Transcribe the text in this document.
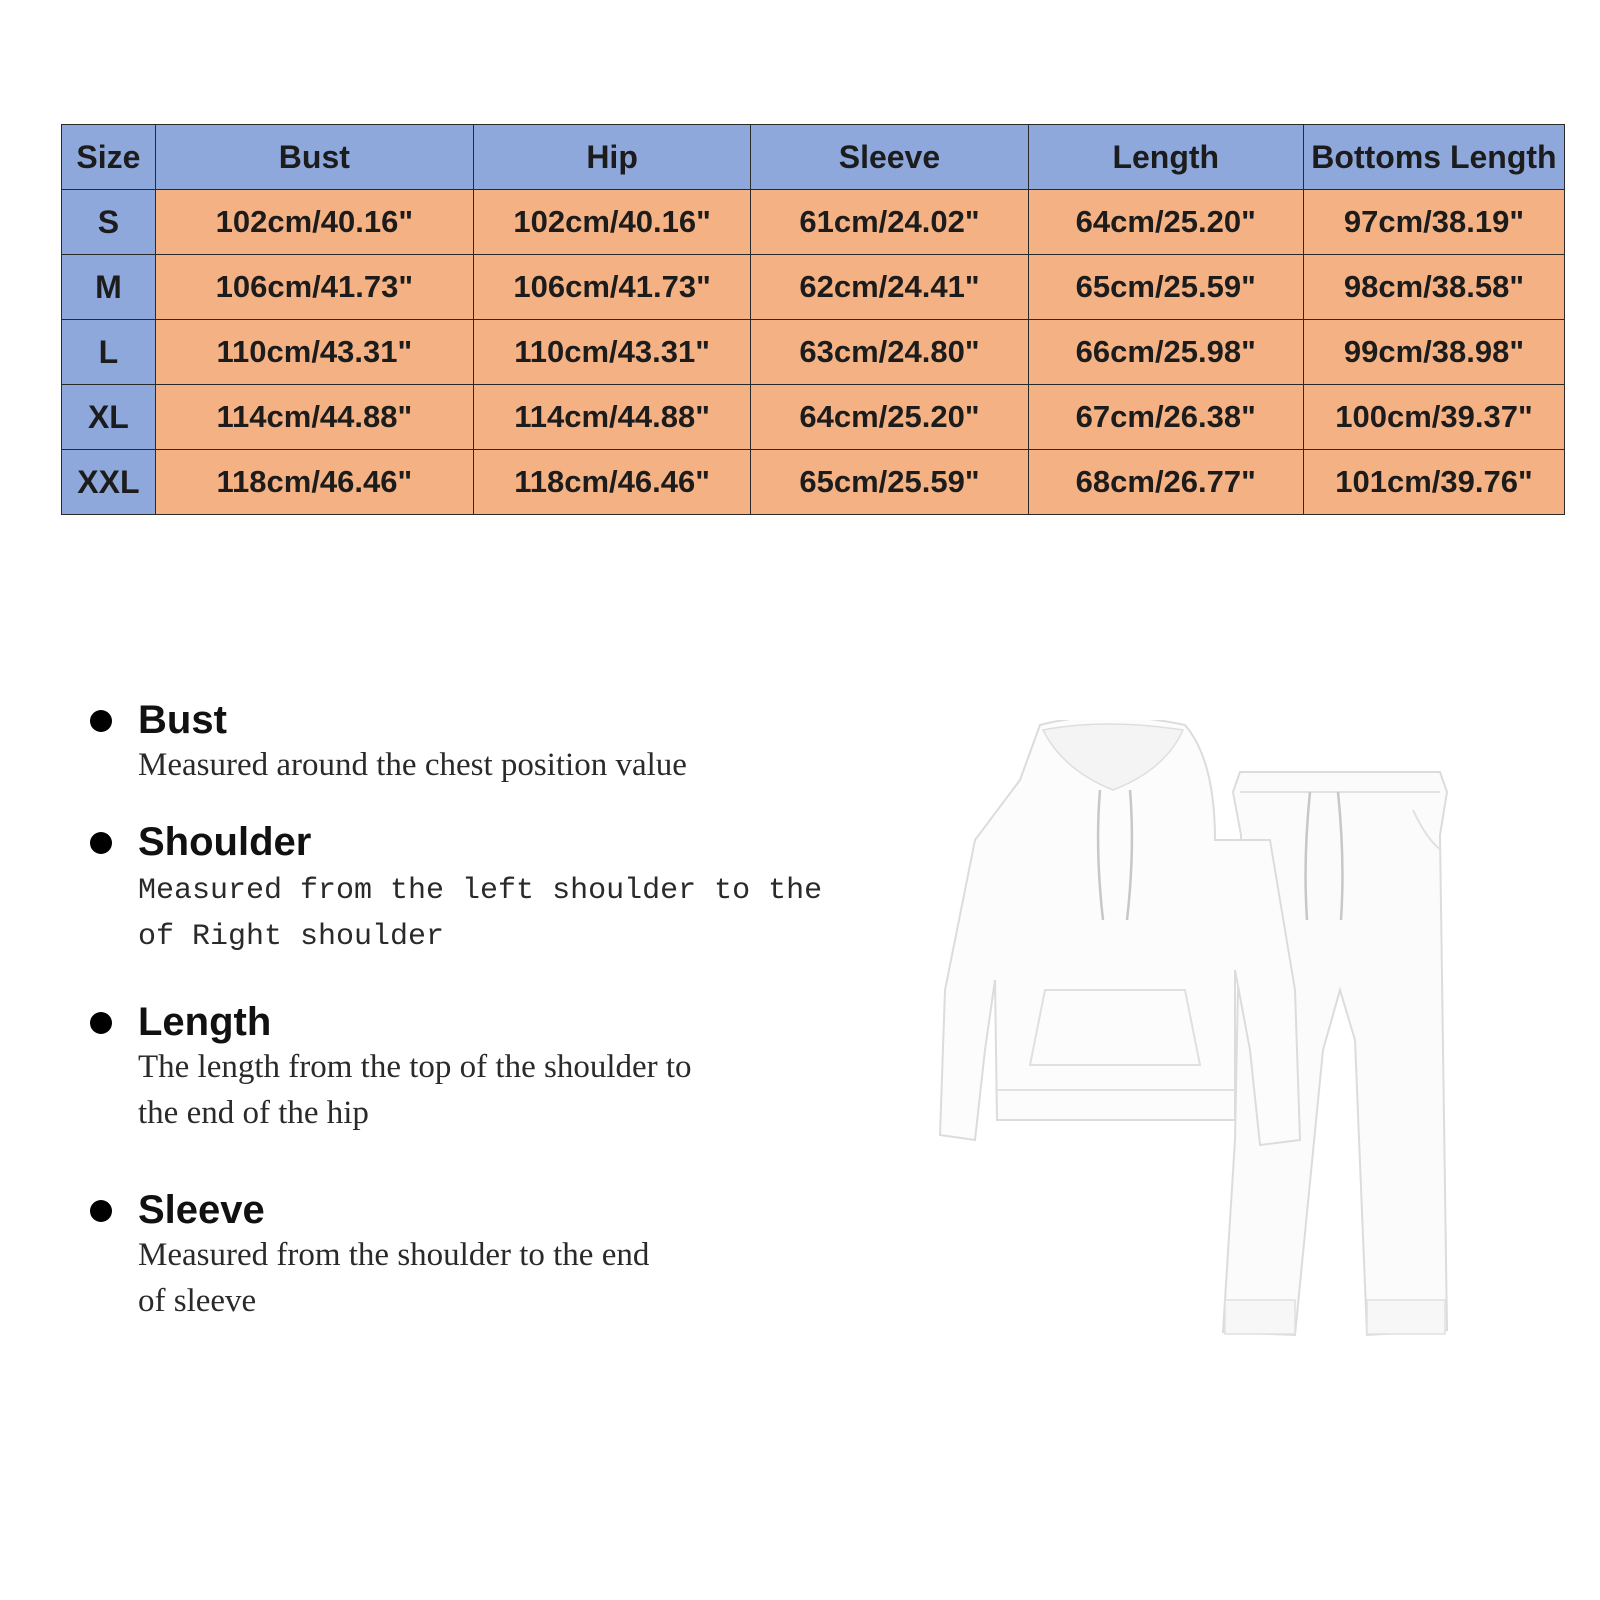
Size	Bust	Hip	Sleeve	Length	Bottoms Length
S	102cm/40.16"	102cm/40.16"	61cm/24.02"	64cm/25.20"	97cm/38.19"
M	106cm/41.73"	106cm/41.73"	62cm/24.41"	65cm/25.59"	98cm/38.58"
L	110cm/43.31"	110cm/43.31"	63cm/24.80"	66cm/25.98"	99cm/38.98"
XL	114cm/44.88"	114cm/44.88"	64cm/25.20"	67cm/26.38"	100cm/39.37"
XXL	118cm/46.46"	118cm/46.46"	65cm/25.59"	68cm/26.77"	101cm/39.76"
Bust
Measured around the chest position value
Shoulder
Measured from the left shoulder to the
of Right shoulder
Length
The length from the top of the shoulder to
the end of the hip
Sleeve
Measured from the shoulder to the end
of sleeve
